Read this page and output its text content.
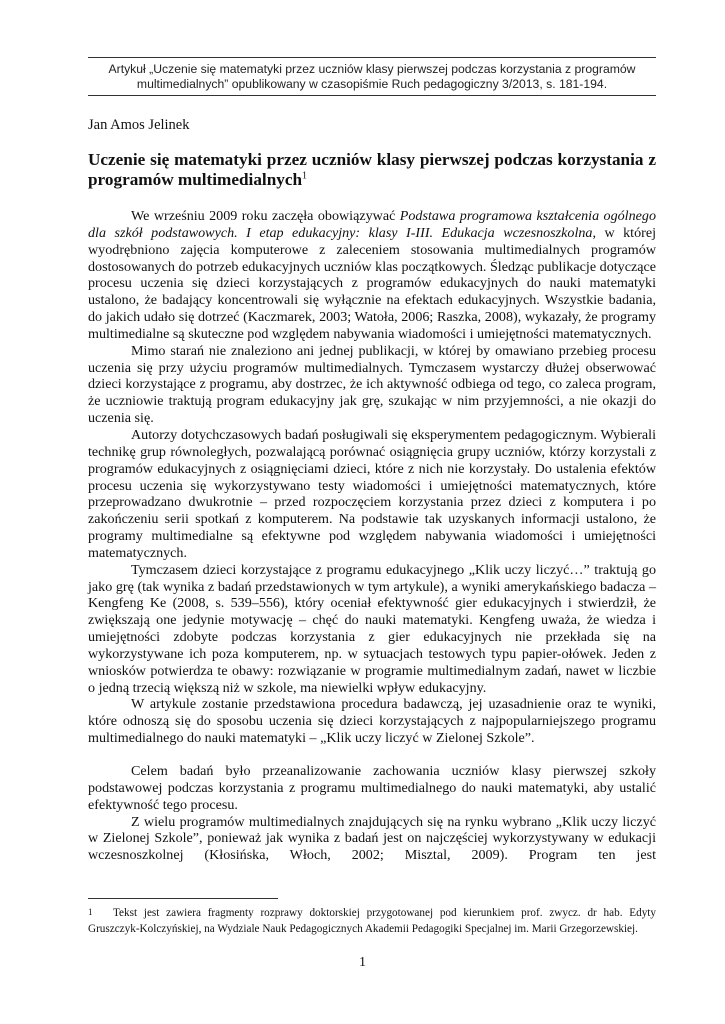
Artykuł „Uczenie się matematyki przez uczniów klasy pierwszej podczas korzystania z programów
multimedialnych” opublikowany w czasopiśmie Ruch pedagogiczny 3/2013, s. 181-194.
Jan Amos Jelinek
Uczenie się matematyki przez uczniów klasy pierwszej podczas korzystania z programów multimedialnych$^1$

We wrześniu 2009 roku zaczęła obowiązywać Podstawa programowa kształcenia ogólnego dla szkół podstawowych. I etap edukacyjny: klasy I-III. Edukacja wczesnoszkolna, w której wyodrębniono zajęcia komputerowe z zaleceniem stosowania multimedialnych programów dostosowanych do potrzeb edukacyjnych uczniów klas początkowych. Śledząc publikacje dotyczące procesu uczenia się dzieci korzystających z programów edukacyjnych do nauki matematyki ustalono, że badający koncentrowali się wyłącznie na efektach edukacyjnych. Wszystkie badania, do jakich udało się dotrzeć (Kaczmarek, 2003; Watoła, 2006; Raszka, 2008), wykazały, że programy multimedialne są skuteczne pod względem nabywania wiadomości i umiejętności matematycznych.

Mimo starań nie znaleziono ani jednej publikacji, w której by omawiano przebieg procesu uczenia się przy użyciu programów multimedialnych. Tymczasem wystarczy dłużej obserwować dzieci korzystające z programu, aby dostrzec, że ich aktywność odbiega od tego, co zaleca program, że uczniowie traktują program edukacyjny jak grę, szukając w nim przyjemności, a nie okazji do uczenia się.

Autorzy dotychczasowych badań posługiwali się eksperymentem pedagogicznym. Wybierali technikę grup równoległych, pozwalającą porównać osiągnięcia grupy uczniów, którzy korzystali z programów edukacyjnych z osiągnięciami dzieci, które z nich nie korzystały. Do ustalenia efektów procesu uczenia się wykorzystywano testy wiadomości i umiejętności matematycznych, które przeprowadzano dwukrotnie – przed rozpoczęciem korzystania przez dzieci z komputera i po zakończeniu serii spotkań z komputerem. Na podstawie tak uzyskanych informacji ustalono, że programy multimedialne są efektywne pod względem nabywania wiadomości i umiejętności matematycznych.

Tymczasem dzieci korzystające z programu edukacyjnego „Klik uczy liczyć…” traktują go jako grę (tak wynika z badań przedstawionych w tym artykule), a wyniki amerykańskiego badacza – Kengfeng Ke (2008, s. 539–556), który oceniał efektywność gier edukacyjnych i stwierdził, że zwiększają one jedynie motywację – chęć do nauki matematyki. Kengfeng uważa, że wiedza i umiejętności zdobyte podczas korzystania z gier edukacyjnych nie przekłada się na wykorzystywane ich poza komputerem, np. w sytuacjach testowych typu papier-ołówek. Jeden z wniosków potwierdza te obawy: rozwiązanie w programie multimedialnym zadań, nawet w liczbie o jedną trzecią większą niż w szkole, ma niewielki wpływ edukacyjny.

W artykule zostanie przedstawiona procedura badawczą, jej uzasadnienie oraz te wyniki, które odnoszą się do sposobu uczenia się dzieci korzystających z najpopularniejszego programu multimedialnego do nauki matematyki – „Klik uczy liczyć w Zielonej Szkole”.

Celem badań było przeanalizowanie zachowania uczniów klasy pierwszej szkoły podstawowej podczas korzystania z programu multimedialnego do nauki matematyki, aby ustalić efektywność tego procesu.

Z wielu programów multimedialnych znajdujących się na rynku wybrano „Klik uczy liczyć w Zielonej Szkole”, ponieważ jak wynika z badań jest on najczęściej wykorzystywany w edukacji wczesnoszkolnej (Kłosińska, Włoch, 2002; Misztal, 2009). Program ten jest

1	Tekst jest zawiera fragmenty rozprawy doktorskiej przygotowanej pod kierunkiem prof. zwycz. dr hab. Edyty Gruszczyk-Kolczyńskiej, na Wydziale Nauk Pedagogicznych Akademii Pedagogiki Specjalnej im. Marii Grzegorzewskiej.
1
